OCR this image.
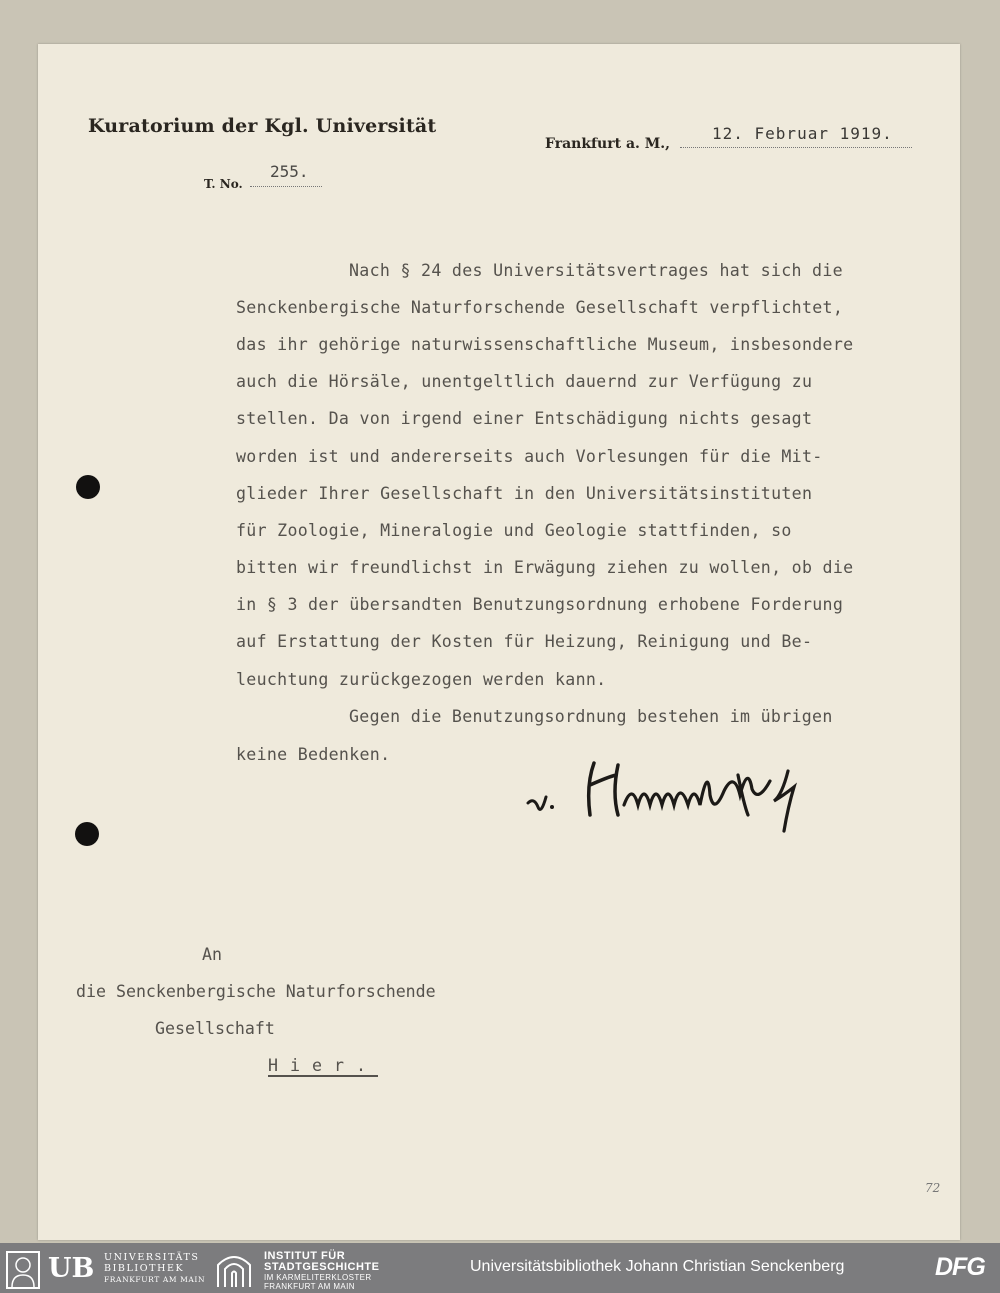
Kuratorium der Kgl. Universität
Frankfurt a. M.,
12. Februar 1919.
T. No.
255.
Nach § 24 des Universitätsvertrages hat sich die
Senckenbergische Naturforschende Gesellschaft verpflichtet,
das ihr gehörige naturwissenschaftliche Museum, insbesondere
auch die Hörsäle, unentgeltlich dauernd zur Verfügung zu
stellen. Da von irgend einer Entschädigung nichts gesagt
worden ist und andererseits auch Vorlesungen für die Mit-
glieder Ihrer Gesellschaft in den Universitätsinstituten
für Zoologie, Mineralogie und Geologie stattfinden, so
bitten wir freundlichst in Erwägung ziehen zu wollen, ob die
in § 3 der übersandten Benutzungsordnung erhobene Forderung
auf Erstattung der Kosten für Heizung, Reinigung und Be-
leuchtung zurückgezogen werden kann.
Gegen die Benutzungsordnung bestehen im übrigen
keine Bedenken.
An
die Senckenbergische Naturforschende
Gesellschaft
Hier.
72
UB UNIVERSITÄTS
BIBLIOTHEK
FRANKFURT AM MAIN
INSTITUT FÜR
STADTGESCHICHTE
IM KARMELITERKLOSTER
FRANKFURT AM MAIN
Universitätsbibliothek Johann Christian Senckenberg	DFG
